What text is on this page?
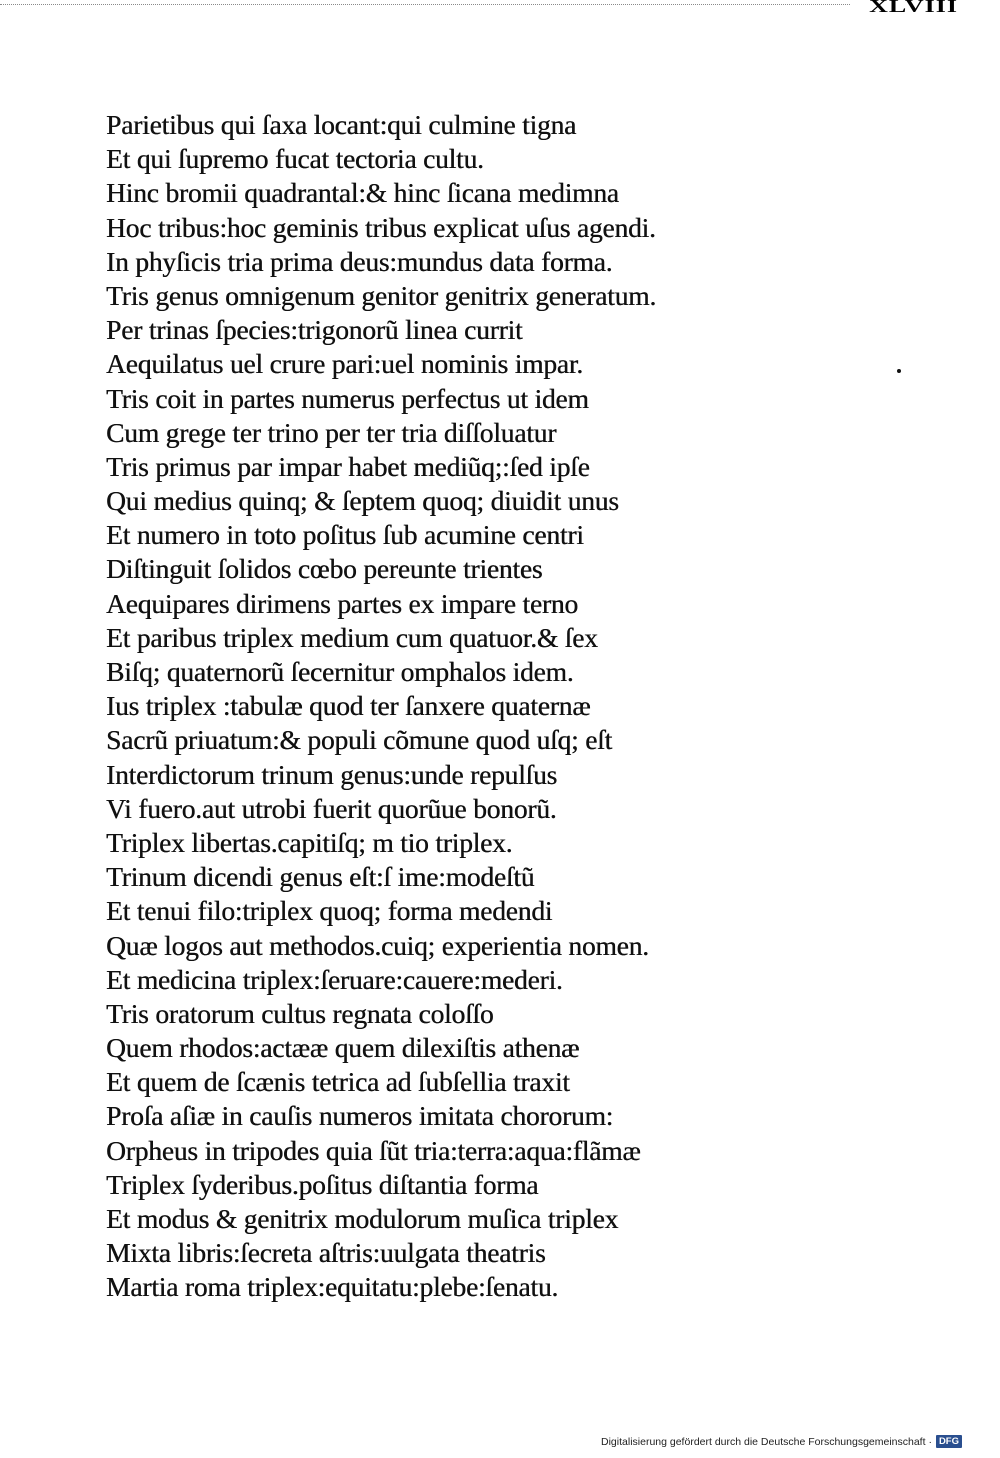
XLVIII
Parietibus qui ſaxa locant:qui culmine tigna
Et qui ſupremo fucat tectoria cultu.
Hinc bromii quadrantal:& hinc ſicana medimna
Hoc tribus:hoc geminis tribus explicat uſus agendi.
In phyſicis tria prima deus:mundus data forma.
Tris genus omnigenum genitor genitrix generatum.
Per trinas ſpecies:trigonorũ linea currit
Aequilatus uel crure pari:uel nominis impar.
Tris coit in partes numerus perfectus ut idem
Cum grege ter trino per ter tria diſſoluatur
Tris primus par impar habet mediũq;:ſed ipſe
Qui medius quinq; & ſeptem quoq; diuidit unus
Et numero in toto poſitus ſub acumine centri
Diſtinguit ſolidos cœbo pereunte trientes
Aequipares dirimens partes ex impare terno
Et paribus triplex medium cum quatuor.& ſex
Biſq; quaternorũ ſecernitur omphalos idem.
Ius triplex :tabulæ quod ter ſanxere quaternæ
Sacrũ priuatum:& populi cõmune quod uſq; eſt
Interdictorum trinum genus:unde repulſus
Vi fuero.aut utrobi fuerit quorũue bonorũ.
Triplex libertas.capitiſq; m tio triplex.
Trinum dicendi genus eſt:ſ ime:modeſtũ
Et tenui filo:triplex quoq; forma medendi
Quæ logos aut methodos.cuiq; experientia nomen.
Et medicina triplex:ſeruare:cauere:mederi.
Tris oratorum cultus regnata coloſſo
Quem rhodos:actææ quem dilexiſtis athenæ
Et quem de ſcænis tetrica ad ſubſellia traxit
Proſa aſiæ in cauſis numeros imitata chororum:
Orpheus in tripodes quia ſũt tria:terra:aqua:flãmæ
Triplex ſyderibus.poſitus diſtantia forma
Et modus & genitrix modulorum muſica triplex
Mixta libris:ſecreta aſtris:uulgata theatris
Martia roma triplex:equitatu:plebe:ſenatu.
Digitalisierung gefördert durch die Deutsche Forschungsgemeinschaft · DFG
